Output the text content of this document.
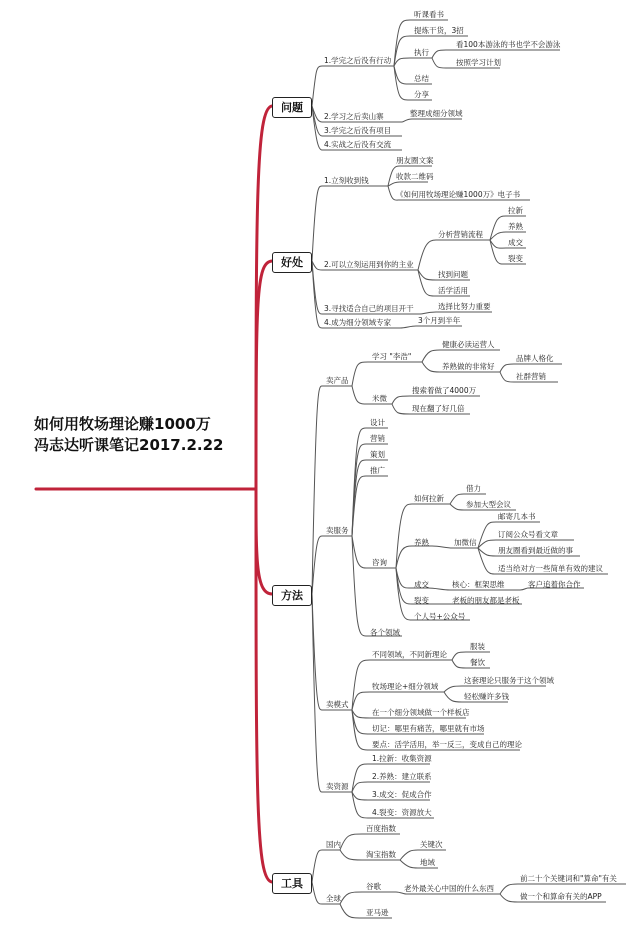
如何用牧场理论赚1000万
冯志达听课笔记2017.2.22
问题
好处
方法
工具
1.学完之后没有行动
听课看书
提炼干货，3招
执行
看100本游泳的书也学不会游泳
按照学习计划
总结
分享
2.学习之后卖山寨	整理成细分领域
3.学完之后没有项目
4.实战之后没有交流
1.立刻收到钱
朋友圈文案
收款二维码
《如何用牧场理论赚1000万》电子书
2.可以立刻运用到你的主业
分析营销流程
拉新
养熟
成交
裂变
找到问题
活学活用
3.寻找适合自己的项目开干	选择比努力重要
4.成为细分领域专家	3个月到半年
卖产品
学习 "李浩"
健康必读运营人
养熟做的非常好
品牌人格化
社群营销
米微
搜索着做了4000万
现在翻了好几倍
卖服务
设计
营销
策划
推广
咨询
如何拉新
借力
参加大型会议
养熟	加微信
邮寄几本书
订阅公众号看文章
朋友圈看到最近做的事
适当给对方一些简单有效的建议
成交	核心：框架思维	客户追着你合作
裂变	老板的朋友都是老板
个人号+公众号
各个领域
卖模式
不同领域，不同新理论
服装
餐饮
牧场理论+细分领域
这套理论只服务于这个领域
轻松赚许多钱
在一个细分领域做一个样板店
切记：哪里有痛苦，哪里就有市场
要点：活学活用，举一反三，变成自己的理论
卖资源
1.拉新：收集资源
2.养熟：建立联系
3.成交：促成合作
4.裂变：资源放大
国内
百度指数
淘宝指数
关键次
地域
全球
谷歌	老外最关心中国的什么东西
前二十个关键词和"算命"有关
做一个和算命有关的APP
亚马逊
